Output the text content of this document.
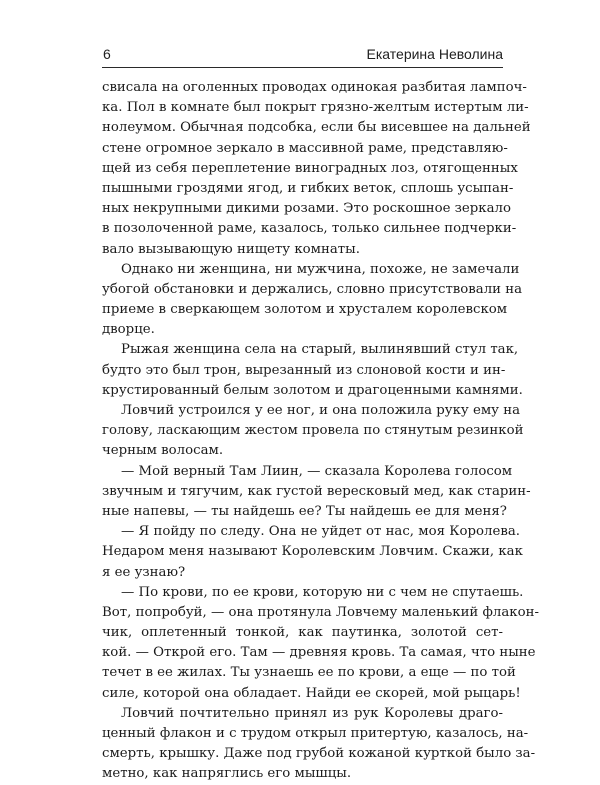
6	Екатерина Неволина
свисала на оголенных проводах одинокая разбитая лампоч-
ка. Пол в комнате был покрыт грязно-желтым истертым ли-
нолеумом. Обычная подсобка, если бы висевшее на дальней
стене огромное зеркало в массивной раме, представляю-
щей из себя переплетение виноградных лоз, отягощенных
пышными гроздями ягод, и гибких веток, сплошь усыпан-
ных некрупными дикими розами. Это роскошное зеркало
в позолоченной раме, казалось, только сильнее подчерки-
вало вызывающую нищету комнаты.
Однако ни женщина, ни мужчина, похоже, не замечали
убогой обстановки и держались, словно присутствовали на
приеме в сверкающем золотом и хрусталем королевском
дворце.
Рыжая женщина села на старый, вылинявший стул так,
будто это был трон, вырезанный из слоновой кости и ин-
крустированный белым золотом и драгоценными камнями.
Ловчий устроился у ее ног, и она положила руку ему на
голову, ласкающим жестом провела по стянутым резинкой
черным волосам.
— Мой верный Там Лиин, — сказала Королева голосом
звучным и тягучим, как густой вересковый мед, как старин-
ные напевы, — ты найдешь ее? Ты найдешь ее для меня?
— Я пойду по следу. Она не уйдет от нас, моя Королева.
Недаром меня называют Королевским Ловчим. Скажи, как
я ее узнаю?
— По крови, по ее крови, которую ни с чем не спутаешь.
Вот, попробуй, — она протянула Ловчему маленький флакон-
чик, оплетенный тонкой, как паутинка, золотой сет-
кой. — Открой его. Там — древняя кровь. Та самая, что ныне
течет в ее жилах. Ты узнаешь ее по крови, а еще — по той
силе, которой она обладает. Найди ее скорей, мой рыцарь!
Ловчий почтительно принял из рук Королевы драго-
ценный флакон и с трудом открыл притертую, казалось, на-
смерть, крышку. Даже под грубой кожаной курткой было за-
метно, как напряглись его мышцы.
